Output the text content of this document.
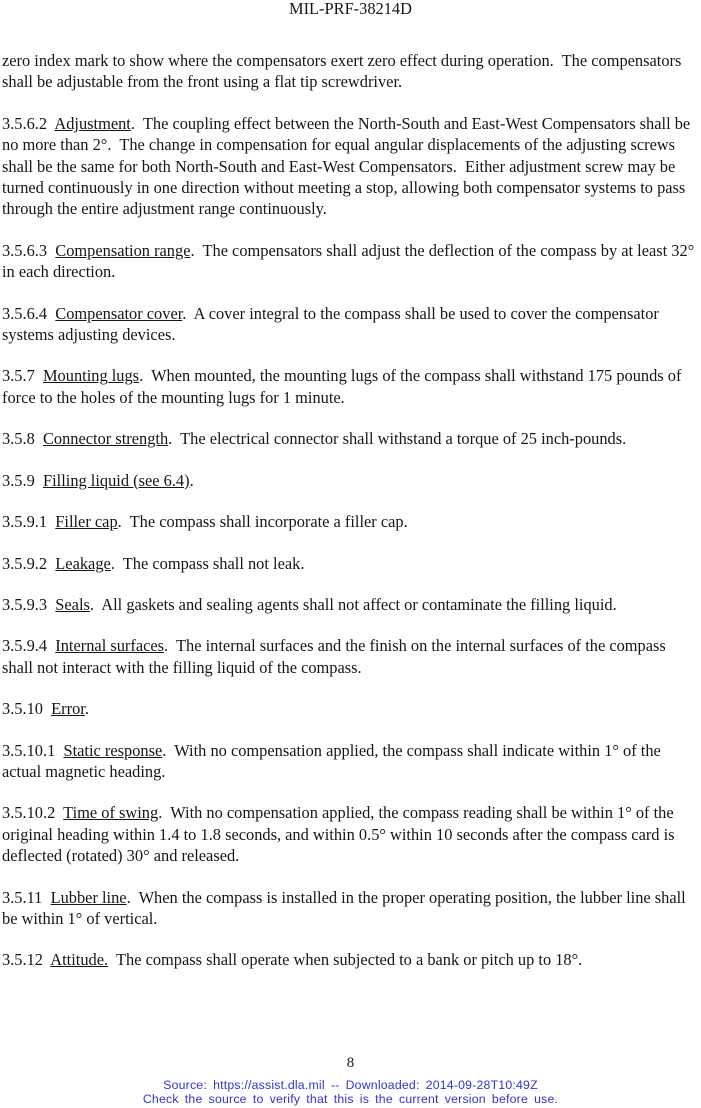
MIL-PRF-38214D

zero index mark to show where the compensators exert zero effect during operation.  The compensators shall be adjustable from the front using a flat tip screwdriver.

3.5.6.2  Adjustment.  The coupling effect between the North-South and East-West Compensators shall be no more than 2°.  The change in compensation for equal angular displacements of the adjusting screws shall be the same for both North-South and East-West Compensators.  Either adjustment screw may be turned continuously in one direction without meeting a stop, allowing both compensator systems to pass through the entire adjustment range continuously.

3.5.6.3  Compensation range.  The compensators shall adjust the deflection of the compass by at least 32° in each direction.

3.5.6.4  Compensator cover.  A cover integral to the compass shall be used to cover the compensator systems adjusting devices.

3.5.7  Mounting lugs.  When mounted, the mounting lugs of the compass shall withstand 175 pounds of force to the holes of the mounting lugs for 1 minute.

3.5.8  Connector strength.  The electrical connector shall withstand a torque of 25 inch-pounds.

3.5.9  Filling liquid (see 6.4).

3.5.9.1  Filler cap.  The compass shall incorporate a filler cap.

3.5.9.2  Leakage.  The compass shall not leak.

3.5.9.3  Seals.  All gaskets and sealing agents shall not affect or contaminate the filling liquid.

3.5.9.4  Internal surfaces.  The internal surfaces and the finish on the internal surfaces of the compass shall not interact with the filling liquid of the compass.

3.5.10  Error.

3.5.10.1  Static response.  With no compensation applied, the compass shall indicate within 1° of the actual magnetic heading.

3.5.10.2  Time of swing.  With no compensation applied, the compass reading shall be within 1° of the original heading within 1.4 to 1.8 seconds, and within 0.5° within 10 seconds after the compass card is deflected (rotated) 30° and released.

3.5.11  Lubber line.  When the compass is installed in the proper operating position, the lubber line shall be within 1° of vertical.

3.5.12  Attitude.  The compass shall operate when subjected to a bank or pitch up to 18°.

8
Source: https://assist.dla.mil -- Downloaded: 2014-09-28T10:49Z
Check the source to verify that this is the current version before use.
